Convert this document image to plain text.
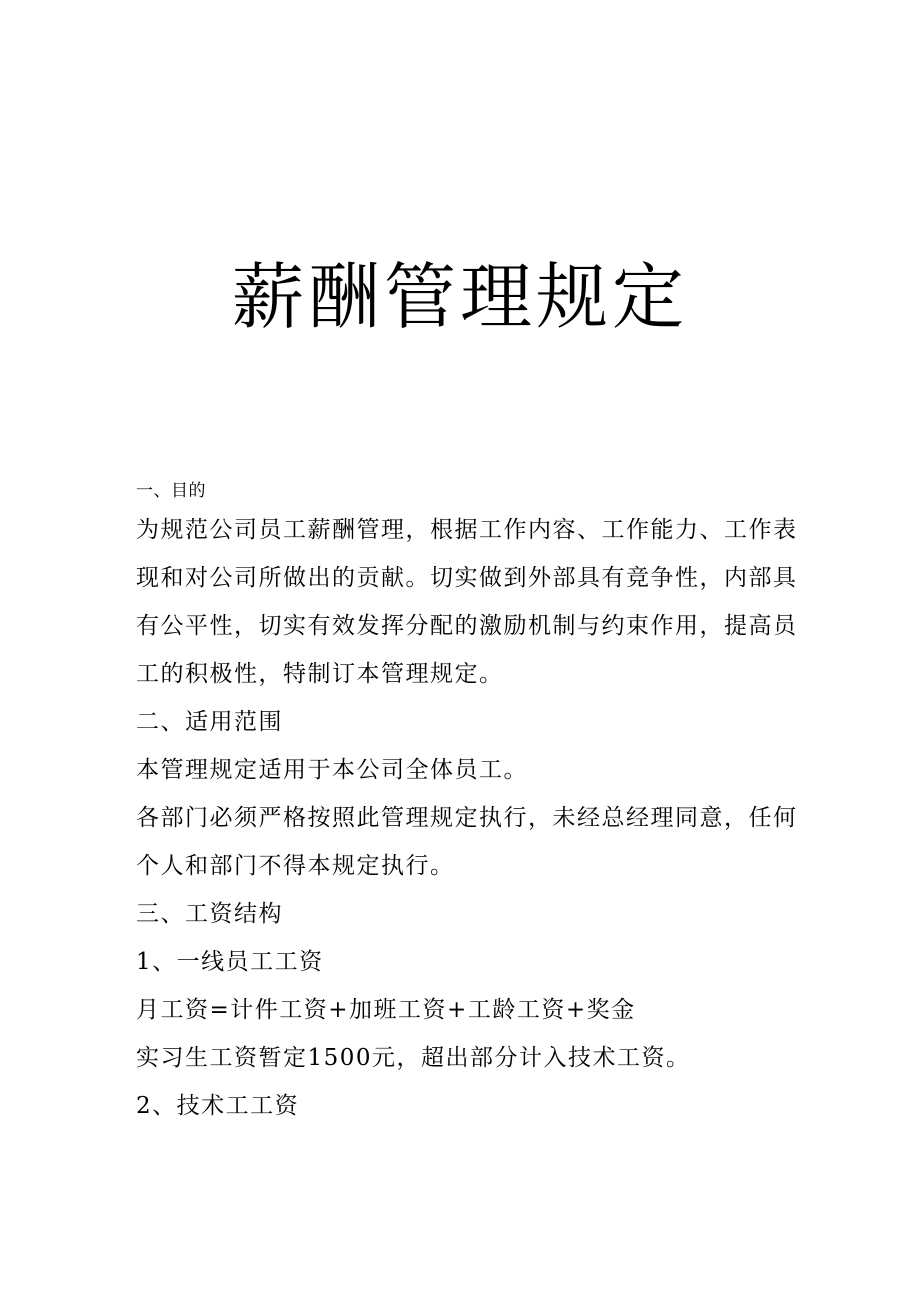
薪酬管理规定
一、目的
为规范公司员工薪酬管理，根据工作内容、工作能力、工作表
现和对公司所做出的贡献。切实做到外部具有竞争性，内部具
有公平性，切实有效发挥分配的激励机制与约束作用，提高员
工的积极性，特制订本管理规定。
二、适用范围
本管理规定适用于本公司全体员工。
各部门必须严格按照此管理规定执行，未经总经理同意，任何
个人和部门不得本规定执行。
三、工资结构
1、一线员工工资
月工资=计件工资+加班工资+工龄工资+奖金
实习生工资暂定1500元，超出部分计入技术工资。
2、技术工工资
